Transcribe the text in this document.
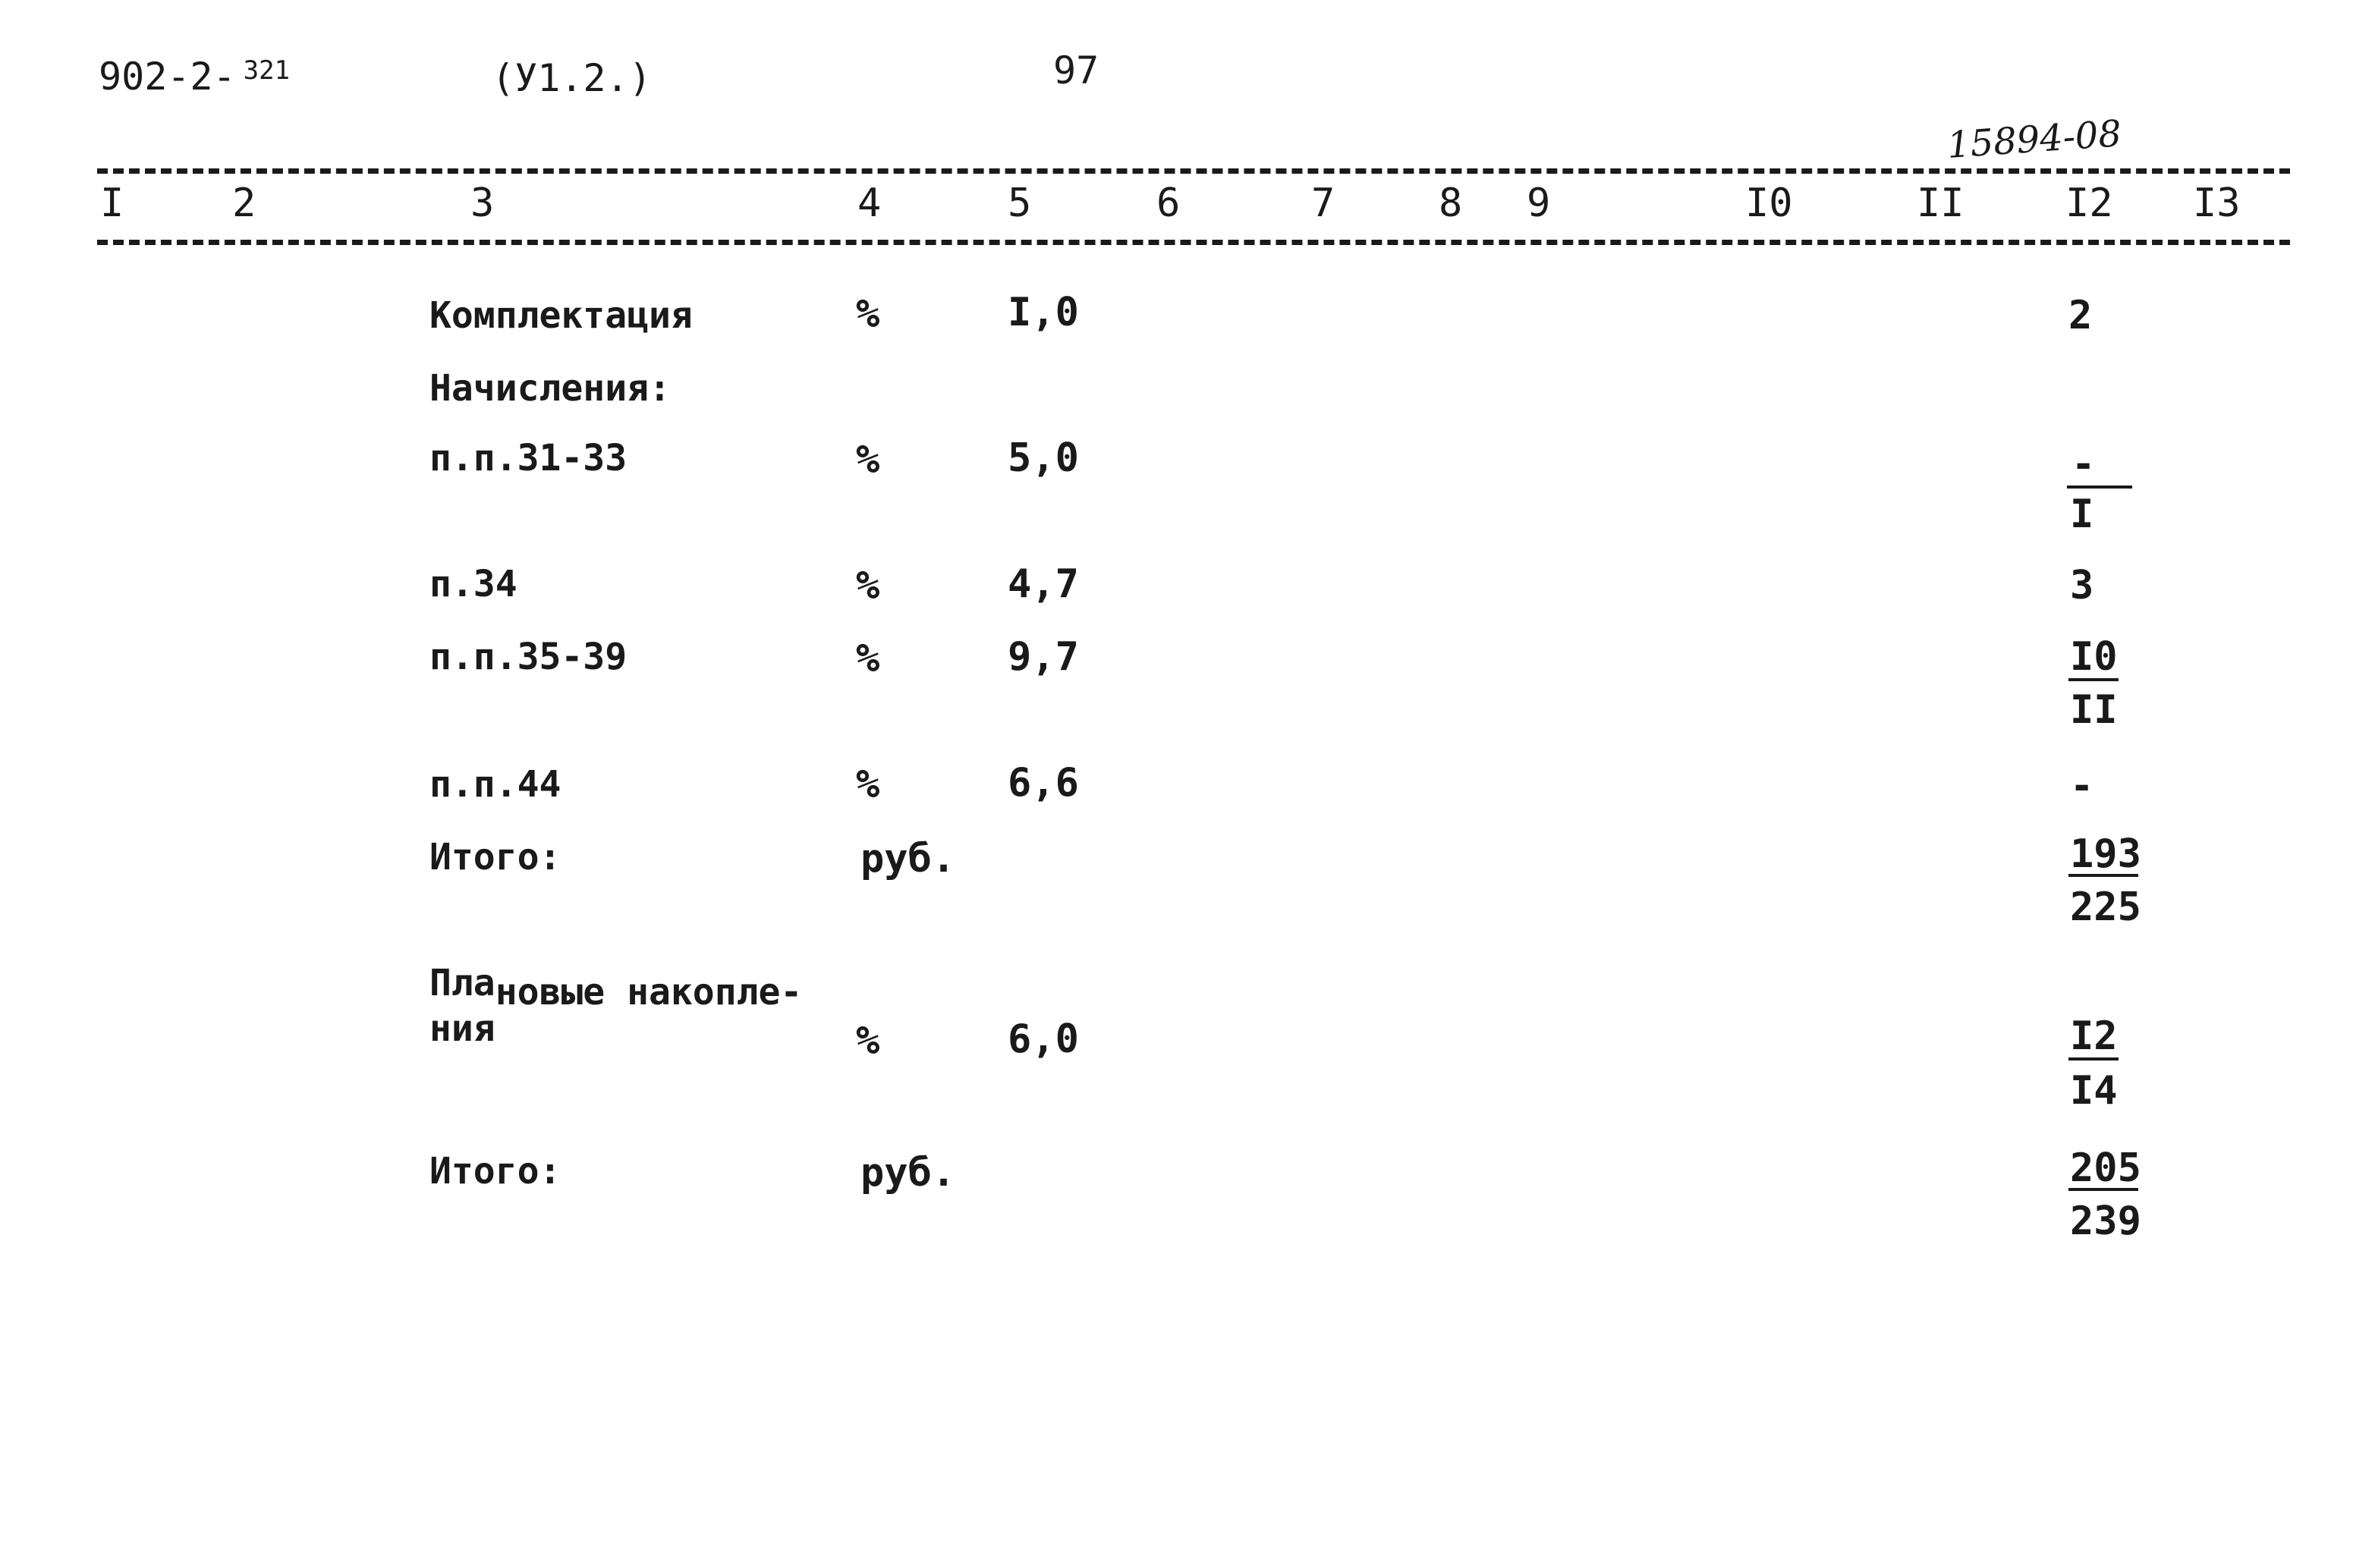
902-2- $^{321}$	(У1.2.)	97
15894-08
I	2	3	4	5	6	7	8 9	I0	II	I2 I3
Комплектация	%	I,0	2
Начисления:
п.п.31-33	%	5,0	-
I
п.34	%	4,7	3
п.п.35-39	%	9,7	I0
II
п.п.44	%	6,6	-
Итого:	руб.	193
225
Плановые накопле-
ния	%	6,0	I2
I4
Итого:	руб.	205
239
